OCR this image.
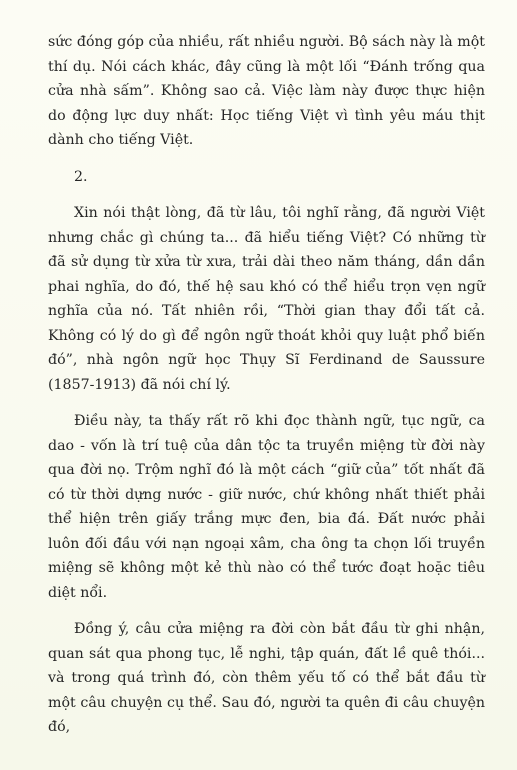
sức đóng góp của nhiều, rất nhiều người. Bộ sách này là một thí dụ. Nói cách khác, đây cũng là một lối “Đánh trống qua cửa nhà sấm”. Không sao cả. Việc làm này được thực hiện do động lực duy nhất: Học tiếng Việt vì tình yêu máu thịt dành cho tiếng Việt.

2.

Xin nói thật lòng, đã từ lâu, tôi nghĩ rằng, đã người Việt nhưng chắc gì chúng ta... đã hiểu tiếng Việt? Có những từ đã sử dụng từ xửa từ xưa, trải dài theo năm tháng, dần dần phai nghĩa, do đó, thế hệ sau khó có thể hiểu trọn vẹn ngữ nghĩa của nó. Tất nhiên rồi, “Thời gian thay đổi tất cả. Không có lý do gì để ngôn ngữ thoát khỏi quy luật phổ biến đó”, nhà ngôn ngữ học Thụy Sĩ Ferdinand de Saussure (1857-1913) đã nói chí lý.

Điều này, ta thấy rất rõ khi đọc thành ngữ, tục ngữ, ca dao - vốn là trí tuệ của dân tộc ta truyền miệng từ đời này qua đời nọ. Trộm nghĩ đó là một cách “giữ của” tốt nhất đã có từ thời dựng nước - giữ nước, chứ không nhất thiết phải thể hiện trên giấy trắng mực đen, bia đá. Đất nước phải luôn đối đầu với nạn ngoại xâm, cha ông ta chọn lối truyền miệng sẽ không một kẻ thù nào có thể tước đoạt hoặc tiêu diệt nổi.

Đồng ý, câu cửa miệng ra đời còn bắt đầu từ ghi nhận, quan sát qua phong tục, lễ nghi, tập quán, đất lề quê thói... và trong quá trình đó, còn thêm yếu tố có thể bắt đầu từ một câu chuyện cụ thể. Sau đó, người ta quên đi câu chuyện đó,
